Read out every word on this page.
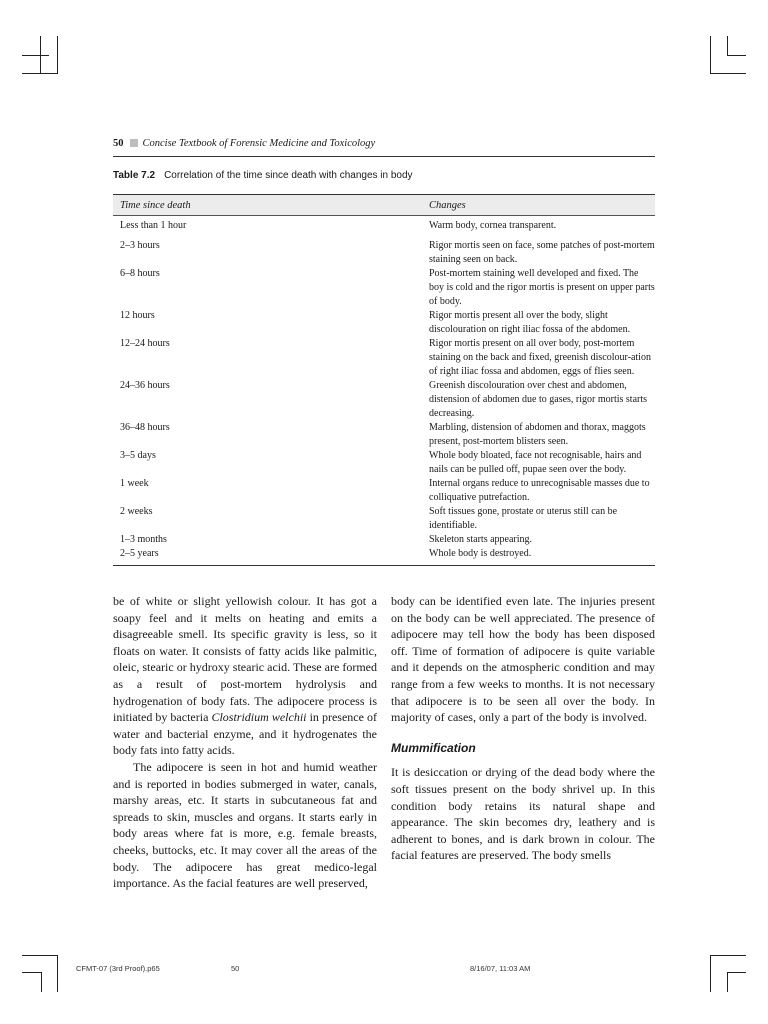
50 Concise Textbook of Forensic Medicine and Toxicology
Table 7.2 Correlation of the time since death with changes in body
Time since death	Changes
Less than 1 hour	Warm body, cornea transparent.
2–3 hours	Rigor mortis seen on face, some patches of post-mortem staining seen on back.
6–8 hours	Post-mortem staining well developed and fixed. The boy is cold and the rigor mortis is present on upper parts of body.
12 hours	Rigor mortis present all over the body, slight discolouration on right iliac fossa of the abdomen.
12–24 hours	Rigor mortis present on all over body, post-mortem staining on the back and fixed, greenish discolour-ation of right iliac fossa and abdomen, eggs of flies seen.
24–36 hours	Greenish discolouration over chest and abdomen, distension of abdomen due to gases, rigor mortis starts decreasing.
36–48 hours	Marbling, distension of abdomen and thorax, maggots present, post-mortem blisters seen.
3–5 days	Whole body bloated, face not recognisable, hairs and nails can be pulled off, pupae seen over the body.
1 week	Internal organs reduce to unrecognisable masses due to colliquative putrefaction.
2 weeks	Soft tissues gone, prostate or uterus still can be identifiable.
1–3 months	Skeleton starts appearing.
2–5 years	Whole body is destroyed.

be of white or slight yellowish colour. It has got a soapy feel and it melts on heating and emits a disagreeable smell. Its specific gravity is less, so it floats on water. It consists of fatty acids like palmitic, oleic, stearic or hydroxy stearic acid. These are formed as a result of post-mortem hydrolysis and hydrogenation of body fats. The adipocere process is initiated by bacteria Clostridium welchii in presence of water and bacterial enzyme, and it hydrogenates the body fats into fatty acids.

The adipocere is seen in hot and humid weather and is reported in bodies submerged in water, canals, marshy areas, etc. It starts in subcutaneous fat and spreads to skin, muscles and organs. It starts early in body areas where fat is more, e.g. female breasts, cheeks, buttocks, etc. It may cover all the areas of the body. The adipocere has great medico-legal importance. As the facial features are well preserved,

body can be identified even late. The injuries present on the body can be well appreciated. The presence of adipocere may tell how the body has been disposed off. Time of formation of adipocere is quite variable and it depends on the atmospheric condition and may range from a few weeks to months. It is not necessary that adipocere is to be seen all over the body. In majority of cases, only a part of the body is involved.

Mummification

It is desiccation or drying of the dead body where the soft tissues present on the body shrivel up. In this condition body retains its natural shape and appearance. The skin becomes dry, leathery and is adherent to bones, and is dark brown in colour. The facial features are preserved. The body smells

CFMT-07 (3rd Proof).p65	50	8/16/07, 11:03 AM
